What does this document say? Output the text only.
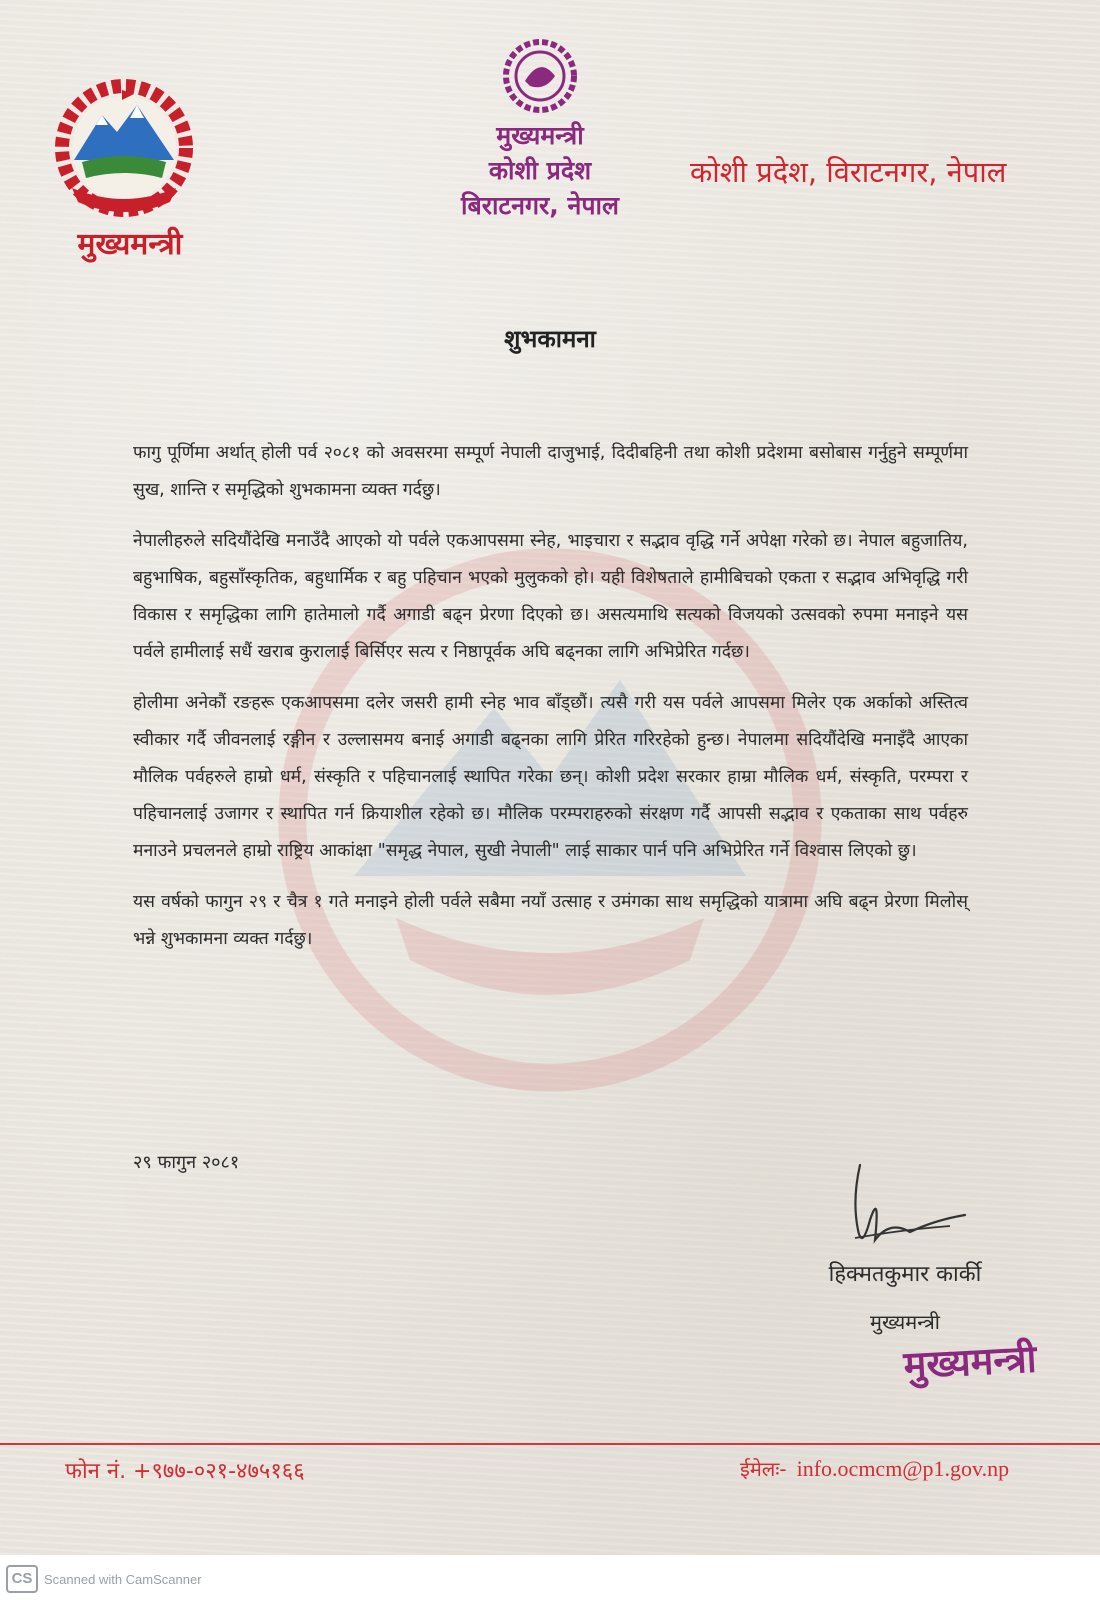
मुख्यमन्त्री
मुख्यमन्त्री
कोशी प्रदेश
बिराटनगर, नेपाल
कोशी प्रदेश, विराटनगर, नेपाल
शुभकामना

फागु पूर्णिमा अर्थात् होली पर्व २०८१ को अवसरमा सम्पूर्ण नेपाली दाजुभाई, दिदीबहिनी तथा कोशी प्रदेशमा बसोबास गर्नुहुने सम्पूर्णमा सुख, शान्ति र समृद्धिको शुभकामना व्यक्त गर्दछु।

नेपालीहरुले सदियौंदेखि मनाउँदै आएको यो पर्वले एकआपसमा स्नेह, भाइचारा र सद्भाव वृद्धि गर्ने अपेक्षा गरेको छ। नेपाल बहुजातिय, बहुभाषिक, बहुसाँस्कृतिक, बहुधार्मिक र बहु पहिचान भएको मुलुकको हो। यही विशेषताले हामीबिचको एकता र सद्भाव अभिवृद्धि गरी विकास र समृद्धिका लागि हातेमालो गर्दै अगाडी बढ्न प्रेरणा दिएको छ। असत्यमाथि सत्यको विजयको उत्सवको रुपमा मनाइने यस पर्वले हामीलाई सधैं खराब कुरालाई बिर्सिएर सत्य र निष्ठापूर्वक अघि बढ्नका लागि अभिप्रेरित गर्दछ।

होलीमा अनेकौं रङहरू एकआपसमा दलेर जसरी हामी स्नेह भाव बाँड्छौं। त्यसै गरी यस पर्वले आपसमा मिलेर एक अर्काको अस्तित्व स्वीकार गर्दै जीवनलाई रङ्गीन र उल्लासमय बनाई अगाडी बढ्नका लागि प्रेरित गरिरहेको हुन्छ। नेपालमा सदियौंदेखि मनाइँदै आएका मौलिक पर्वहरुले हाम्रो धर्म, संस्कृति र पहिचानलाई स्थापित गरेका छन्। कोशी प्रदेश सरकार हाम्रा मौलिक धर्म, संस्कृति, परम्परा र पहिचानलाई उजागर र स्थापित गर्न क्रियाशील रहेको छ। मौलिक परम्पराहरुको संरक्षण गर्दै आपसी सद्भाव र एकताका साथ पर्वहरु मनाउने प्रचलनले हाम्रो राष्ट्रिय आकांक्षा "समृद्ध नेपाल, सुखी नेपाली" लाई साकार पार्न पनि अभिप्रेरित गर्ने विश्वास लिएको छु।

यस वर्षको फागुन २९ र चैत्र १ गते मनाइने होली पर्वले सबैमा नयाँ उत्साह र उमंगका साथ समृद्धिको यात्रामा अघि बढ्न प्रेरणा मिलोस् भन्ने शुभकामना व्यक्त गर्दछु।

२९ फागुन २०८१
हिक्मतकुमार कार्की
मुख्यमन्त्री
मुख्यमन्त्री
फोन नं. +९७७-०२१-४७५१६६	ईमेलः- info.ocmcm@p1.gov.np
CS Scanned with CamScanner
